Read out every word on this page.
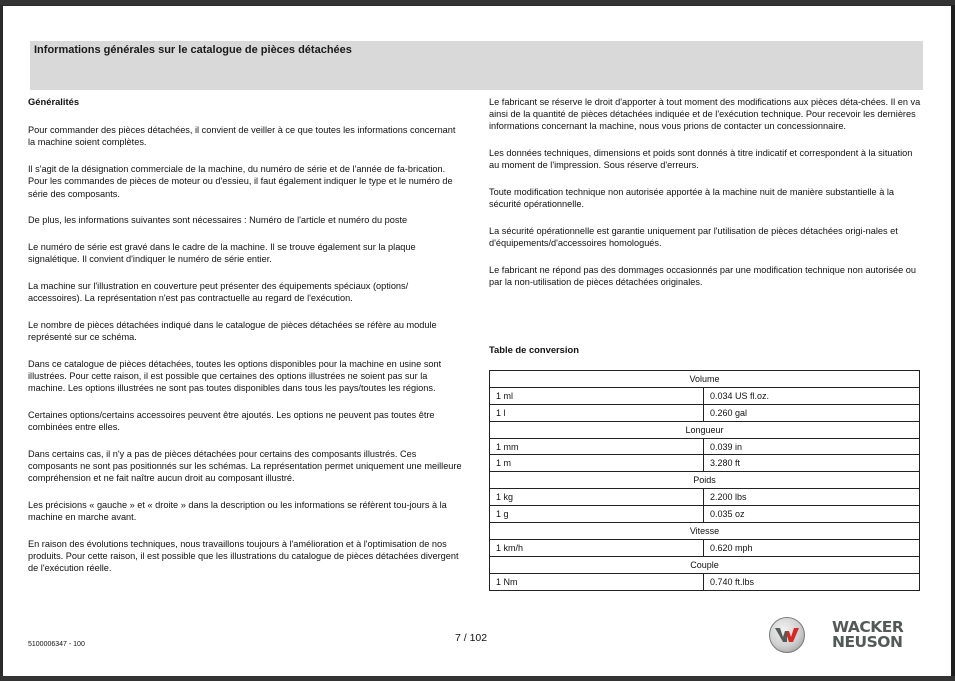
Informations générales sur le catalogue de pièces détachées
Généralités

Pour commander des pièces détachées, il convient de veiller à ce que toutes les informations concernant la machine soient complètes.

Il s'agit de la désignation commerciale de la machine, du numéro de série et de l'année de fa-brication. Pour les commandes de pièces de moteur ou d'essieu, il faut également indiquer le type et le numéro de série des composants.

De plus, les informations suivantes sont nécessaires : Numéro de l'article et numéro du poste

Le numéro de série est gravé dans le cadre de la machine. Il se trouve également sur la plaque signalétique. Il convient d'indiquer le numéro de série entier.

La machine sur l'illustration en couverture peut présenter des équipements spéciaux (options/ accessoires). La représentation n'est pas contractuelle au regard de l'exécution.

Le nombre de pièces détachées indiqué dans le catalogue de pièces détachées se réfère au module représenté sur ce schéma.

Dans ce catalogue de pièces détachées, toutes les options disponibles pour la machine en usine sont illustrées. Pour cette raison, il est possible que certaines des options illustrées ne soient pas sur la machine. Les options illustrées ne sont pas toutes disponibles dans tous les pays/toutes les régions.

Certaines options/certains accessoires peuvent être ajoutés. Les options ne peuvent pas toutes être combinées entre elles.

Dans certains cas, il n'y a pas de pièces détachées pour certains des composants illustrés. Ces composants ne sont pas positionnés sur les schémas. La représentation permet uniquement une meilleure compréhension et ne fait naître aucun droit au composant illustré.

Les précisions « gauche » et « droite » dans la description ou les informations se réfèrent tou-jours à la machine en marche avant.

En raison des évolutions techniques, nous travaillons toujours à l'amélioration et à l'optimisation de nos produits. Pour cette raison, il est possible que les illustrations du catalogue de pièces détachées divergent de l'exécution réelle.

Le fabricant se réserve le droit d'apporter à tout moment des modifications aux pièces déta-chées. Il en va ainsi de la quantité de pièces détachées indiquée et de l'exécution technique. Pour recevoir les dernières informations concernant la machine, nous vous prions de contacter un concessionnaire.

Les données techniques, dimensions et poids sont donnés à titre indicatif et correspondent à la situation au moment de l'impression. Sous réserve d'erreurs.

Toute modification technique non autorisée apportée à la machine nuit de manière substantielle à la sécurité opérationnelle.

La sécurité opérationnelle est garantie uniquement par l'utilisation de pièces détachées origi-nales et d'équipements/d'accessoires homologués.

Le fabricant ne répond pas des dommages occasionnés par une modification technique non autorisée ou par la non-utilisation de pièces détachées originales.

Table de conversion
Volume	
1 ml	0.034 US fl.oz.
1 l	0.260 gal
Longueur	
1 mm	0.039 in
1 m	3.280 ft
Poids	
1 kg	2.200 lbs
1 g	0.035 oz
Vitesse	
1 km/h	0.620 mph
Couple	
1 Nm	0.740 ft.lbs
5100006347 - 100
7 / 102
WACKER
NEUSON
